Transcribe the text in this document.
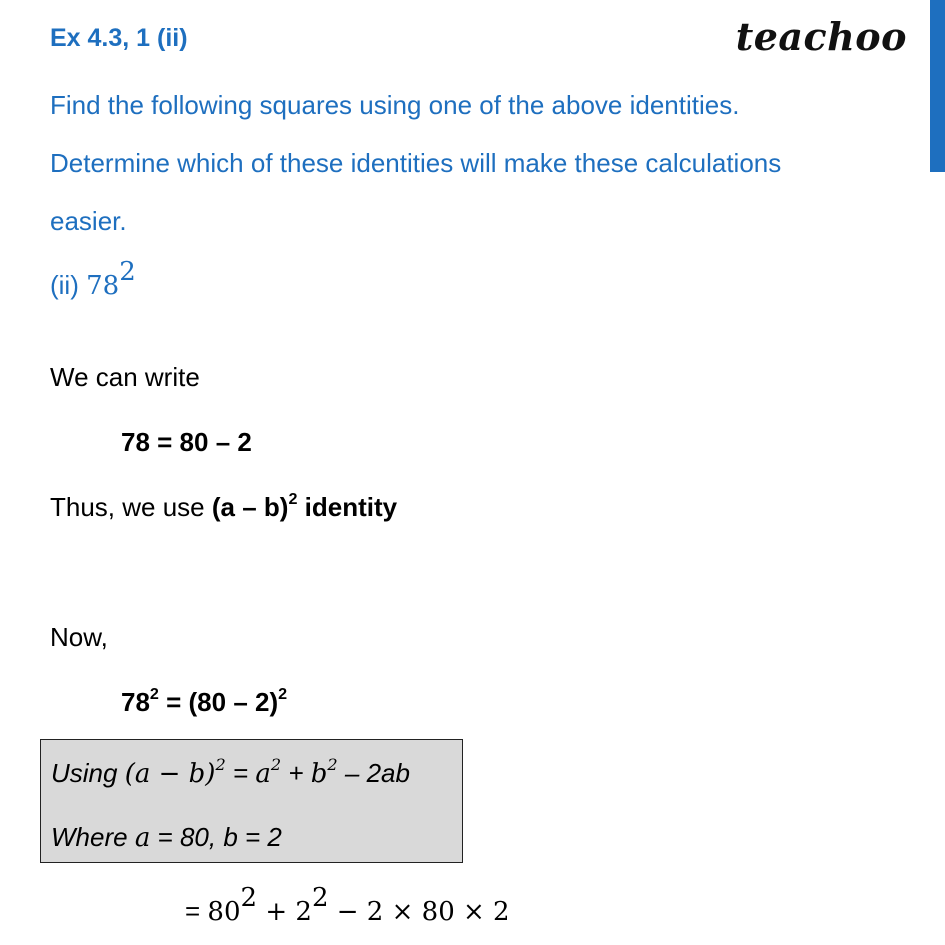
Ex 4.3, 1 (ii)	teachoo
Find the following squares using one of the above identities.
Determine which of these identities will make these calculations
easier.
(ii) $78^2$
We can write
78 = 80 – 2
Thus, we use (a – b)$^2$ identity
Now,
$78^2 = (80 - 2)^2$
Using $(a - b)^2 = a^2 + b^2 - 2ab$
Where a = 80, b = 2
= $80^2 + 2^2 - 2 \times 80 \times 2$
